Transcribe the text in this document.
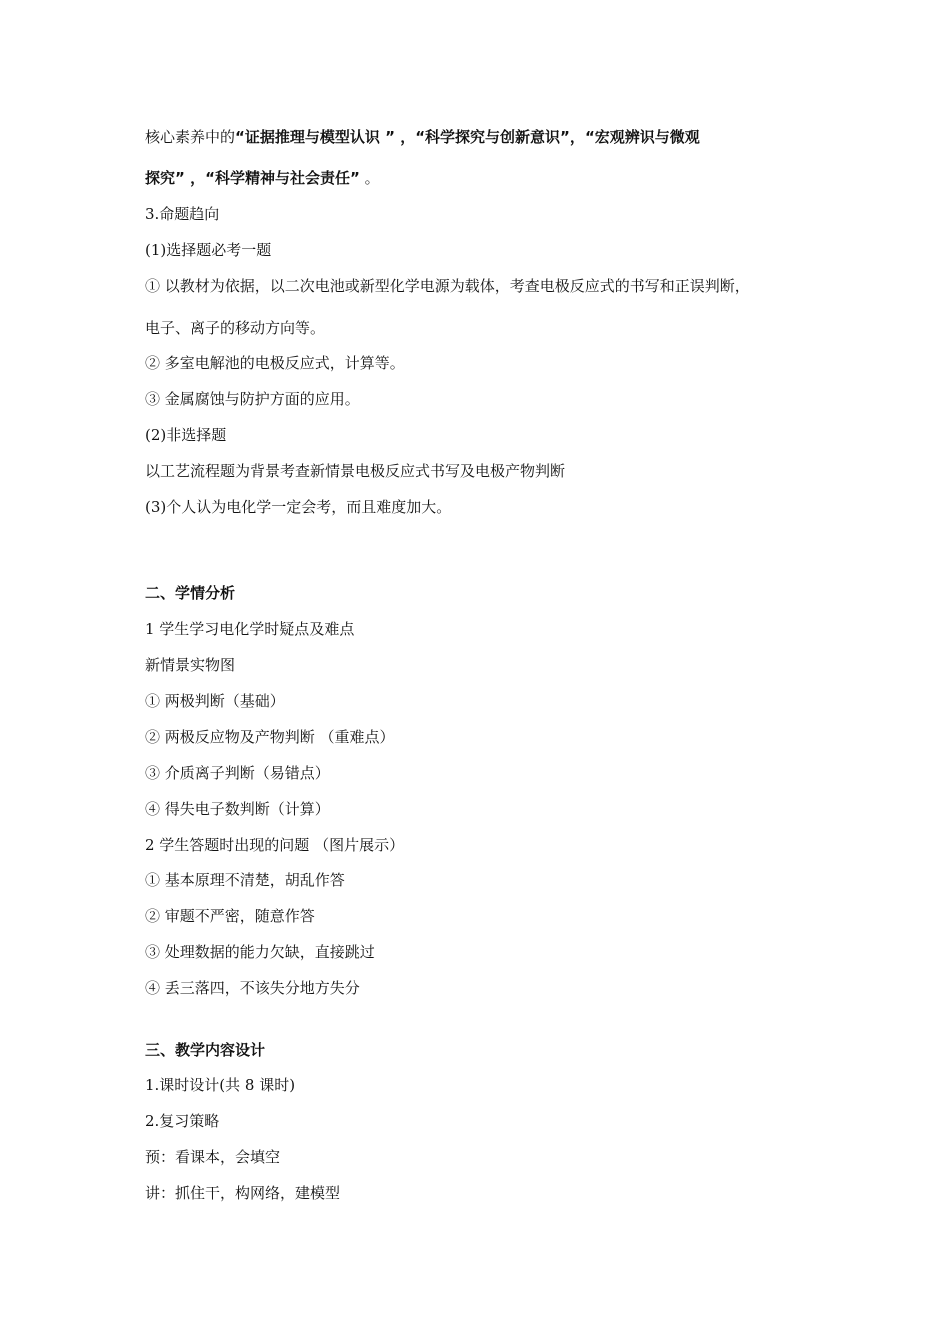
核心素养中的“证据推理与模型认识 ” ，“科学探究与创新意识”，“宏观辨识与微观
探究” ，“科学精神与社会责任” 。
3.命题趋向
(1)选择题必考一题
① 以教材为依据，以二次电池或新型化学电源为载体，考查电极反应式的书写和正误判断，
电子、离子的移动方向等。
② 多室电解池的电极反应式，计算等。
③ 金属腐蚀与防护方面的应用。
(2)非选择题
以工艺流程题为背景考查新情景电极反应式书写及电极产物判断
(3)个人认为电化学一定会考，而且难度加大。
二、学情分析
1 学生学习电化学时疑点及难点
新情景实物图
① 两极判断（基础）
② 两极反应物及产物判断 （重难点）
③ 介质离子判断（易错点）
④ 得失电子数判断（计算）
2 学生答题时出现的问题 （图片展示）
① 基本原理不清楚，胡乱作答
② 审题不严密，随意作答
③ 处理数据的能力欠缺，直接跳过
④ 丢三落四，不该失分地方失分
三、教学内容设计
1.课时设计(共 8 课时)
2.复习策略
预：看课本，会填空
讲：抓住干，构网络，建模型
